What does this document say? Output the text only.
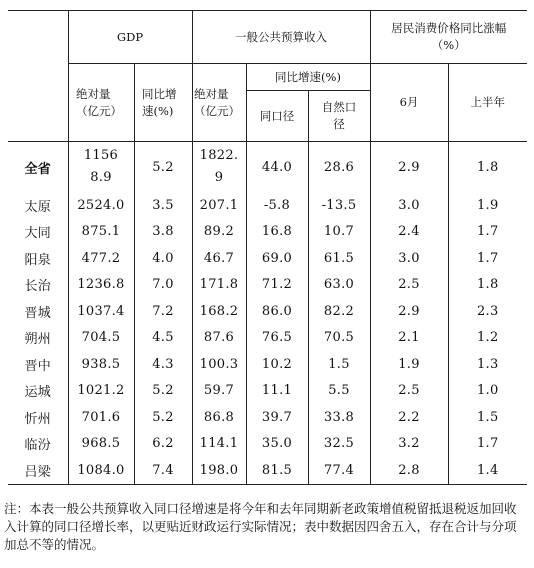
	GDP		一般公共预算收入			居民消费价格同比涨幅（%）	
	绝对量（亿元）	同比增速(%)	绝对量（亿元）	同比增速(%)		6月	上半年
				同口径	自然口径		

全省	11568.9	5.2	1822.9	44.0	28.6	2.9	1.8
太原	2524.0	3.5	207.1	-5.8	-13.5	3.0	1.9
大同	875.1	3.8	89.2	16.8	10.7	2.4	1.7
阳泉	477.2	4.0	46.7	69.0	61.5	3.0	1.7
长治	1236.8	7.0	171.8	71.2	63.0	2.5	1.8
晋城	1037.4	7.2	168.2	86.0	82.2	2.9	2.3
朔州	704.5	4.5	87.6	76.5	70.5	2.1	1.2
晋中	938.5	4.3	100.3	10.2	1.5	1.9	1.3
运城	1021.2	5.2	59.7	11.1	5.5	2.5	1.0
忻州	701.6	5.2	86.8	39.7	33.8	2.2	1.5
临汾	968.5	6.2	114.1	35.0	32.5	3.2	1.7
吕梁	1084.0	7.4	198.0	81.5	77.4	2.8	1.4
注：本表一般公共预算收入同口径增速是将今年和去年同期新老政策增值税留抵退税返加回收入计算的同口径增长率，以更贴近财政运行实际情况；表中数据因四舍五入，存在合计与分项加总不等的情况。
